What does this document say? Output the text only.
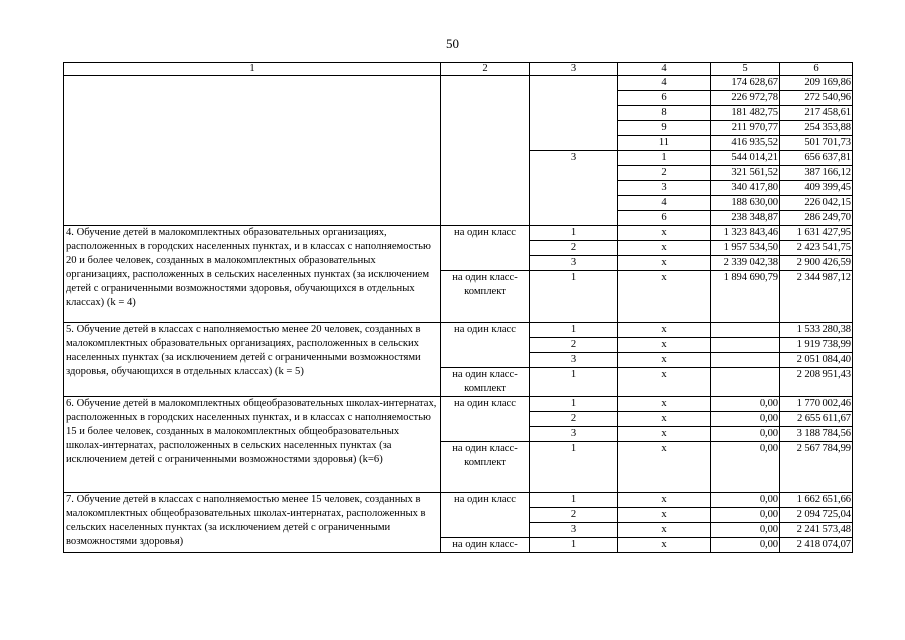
50
1	2	3	4	5	6
			4	174 628,67	209 169,86
			6	226 972,78	272 540,96
			8	181 482,75	217 458,61
			9	211 970,77	254 353,88
			11	416 935,52	501 701,73
		3	1	544 014,21	656 637,81
			2	321 561,52	387 166,12
			3	340 417,80	409 399,45
			4	188 630,00	226 042,15
			6	238 348,87	286 249,70
4. Обучение детей в малокомплектных образовательных организациях, расположенных в городских населенных пунктах, и в классах с наполняемостью 20 и более человек, созданных в малокомплектных образовательных организациях, расположенных в сельских населенных пунктах (за исключением детей с ограниченными возможностями здоровья, обучающихся в отдельных классах) (k = 4)	на один класс	1	х	1 323 843,46	1 631 427,95
		2	х	1 957 534,50	2 423 541,75
		3	х	2 339 042,38	2 900 426,59
	на один класс-комплект	1	х	1 894 690,79	2 344 987,12
5. Обучение детей в классах с наполняемостью менее 20 человек, созданных в малокомплектных образовательных организациях, расположенных в сельских населенных пунктах (за исключением детей с ограниченными возможностями здоровья, обучающихся в отдельных классах) (k = 5)	на один класс	1	х		1 533 280,38
		2	х		1 919 738,99
		3	х		2 051 084,40
	на один класс-комплект	1	х		2 208 951,43
6. Обучение детей в малокомплектных общеобразовательных школах-интернатах, расположенных в городских населенных пунктах, и в классах с наполняемостью 15 и более человек, созданных в малокомплектных общеобразовательных школах-интернатах, расположенных в сельских населенных пунктах (за исключением детей с ограниченными возможностями здоровья) (k=6)	на один класс	1	х	0,00	1 770 002,46
		2	х	0,00	2 655 611,67
		3	х	0,00	3 188 784,56
	на один класс-комплект	1	х	0,00	2 567 784,99
7. Обучение детей в классах с наполняемостью менее 15 человек, созданных в малокомплектных общеобразовательных школах-интернатах, расположенных в сельских населенных пунктах (за исключением детей с ограниченными возможностями здоровья)	на один класс	1	х	0,00	1 662 651,66
		2	х	0,00	2 094 725,04
		3	х	0,00	2 241 573,48
	на один класс-	1	х	0,00	2 418 074,07
